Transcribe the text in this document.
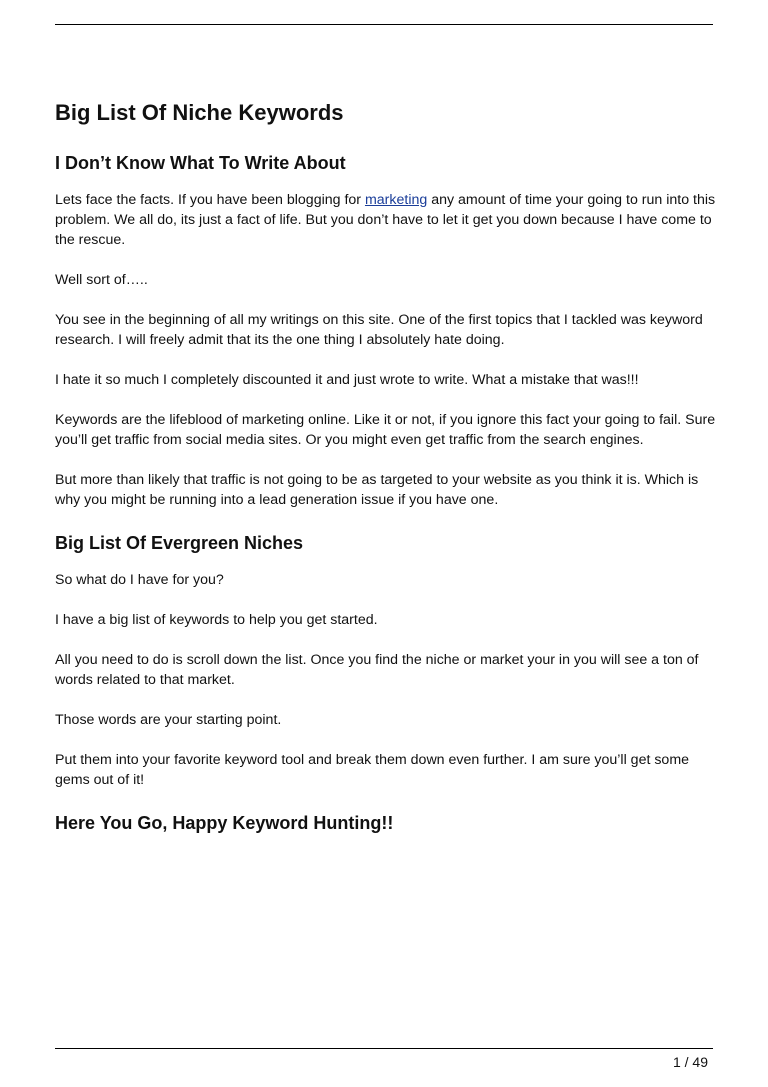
Big List Of Niche Keywords
I Don’t Know What To Write About

Lets face the facts. If you have been blogging for marketing any amount of time your going to run into this problem. We all do, its just a fact of life. But you don’t have to let it get you down because I have come to the rescue.

Well sort of…..

You see in the beginning of all my writings on this site. One of the first topics that I tackled was keyword research. I will freely admit that its the one thing I absolutely hate doing.

I hate it so much I completely discounted it and just wrote to write. What a mistake that was!!!

Keywords are the lifeblood of marketing online. Like it or not, if you ignore this fact your going to fail. Sure you’ll get traffic from social media sites. Or you might even get traffic from the search engines.

But more than likely that traffic is not going to be as targeted to your website as you think it is. Which is why you might be running into a lead generation issue if you have one.

Big List Of Evergreen Niches

So what do I have for you?

I have a big list of keywords to help you get started.

All you need to do is scroll down the list. Once you find the niche or market your in you will see a ton of words related to that market.

Those words are your starting point.

Put them into your favorite keyword tool and break them down even further. I am sure you’ll get some gems out of it!

Here You Go, Happy Keyword Hunting!!
1 / 49
